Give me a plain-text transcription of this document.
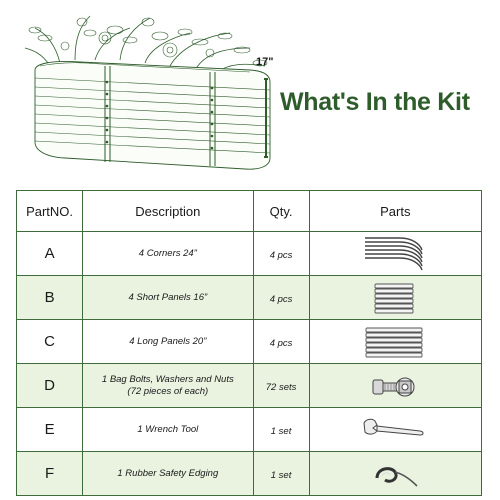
17"
What's In the Kit
PartNO.	Description	Qty.	Parts
A	4 Corners 24”	4 pcs	

B	4 Short Panels 16”	4 pcs	

C	4 Long Panels 20”	4 pcs	

D	1 Bag Bolts, Washers and Nuts
(72 pieces of each)	72 sets	

E	1 Wrench Tool	1 set	

F	1 Rubber Safety Edging	1 set	
